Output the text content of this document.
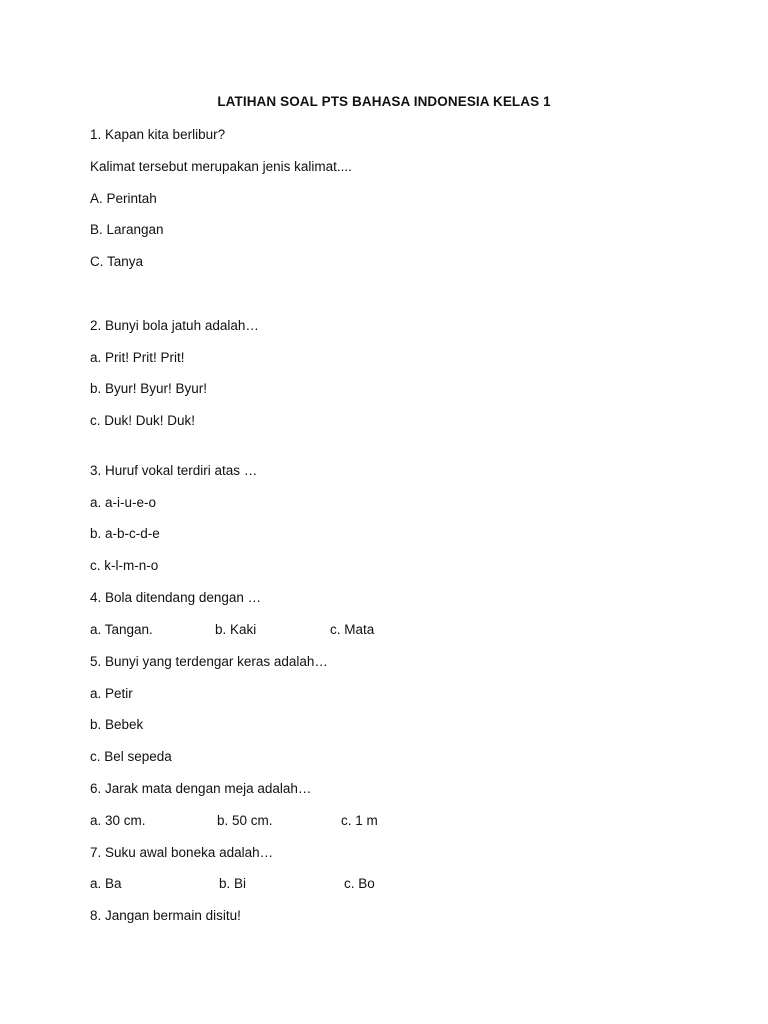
LATIHAN SOAL PTS BAHASA INDONESIA KELAS 1
1. Kapan kita berlibur?
Kalimat tersebut merupakan jenis kalimat....
A. Perintah
B. Larangan
C. Tanya
2. Bunyi bola jatuh adalah…
a. Prit! Prit! Prit!
b. Byur! Byur! Byur!
c. Duk! Duk! Duk!
3. Huruf vokal terdiri atas …
a. a-i-u-e-o
b. a-b-c-d-e
c. k-l-m-n-o
4. Bola ditendang dengan …
a. Tangan.	b. Kaki	c. Mata
5. Bunyi yang terdengar keras adalah…
a. Petir
b. Bebek
c. Bel sepeda
6. Jarak mata dengan meja adalah…
a. 30 cm.	b. 50 cm.	c. 1 m
7. Suku awal boneka adalah…
a. Ba	b. Bi	c. Bo
8. Jangan bermain disitu!
